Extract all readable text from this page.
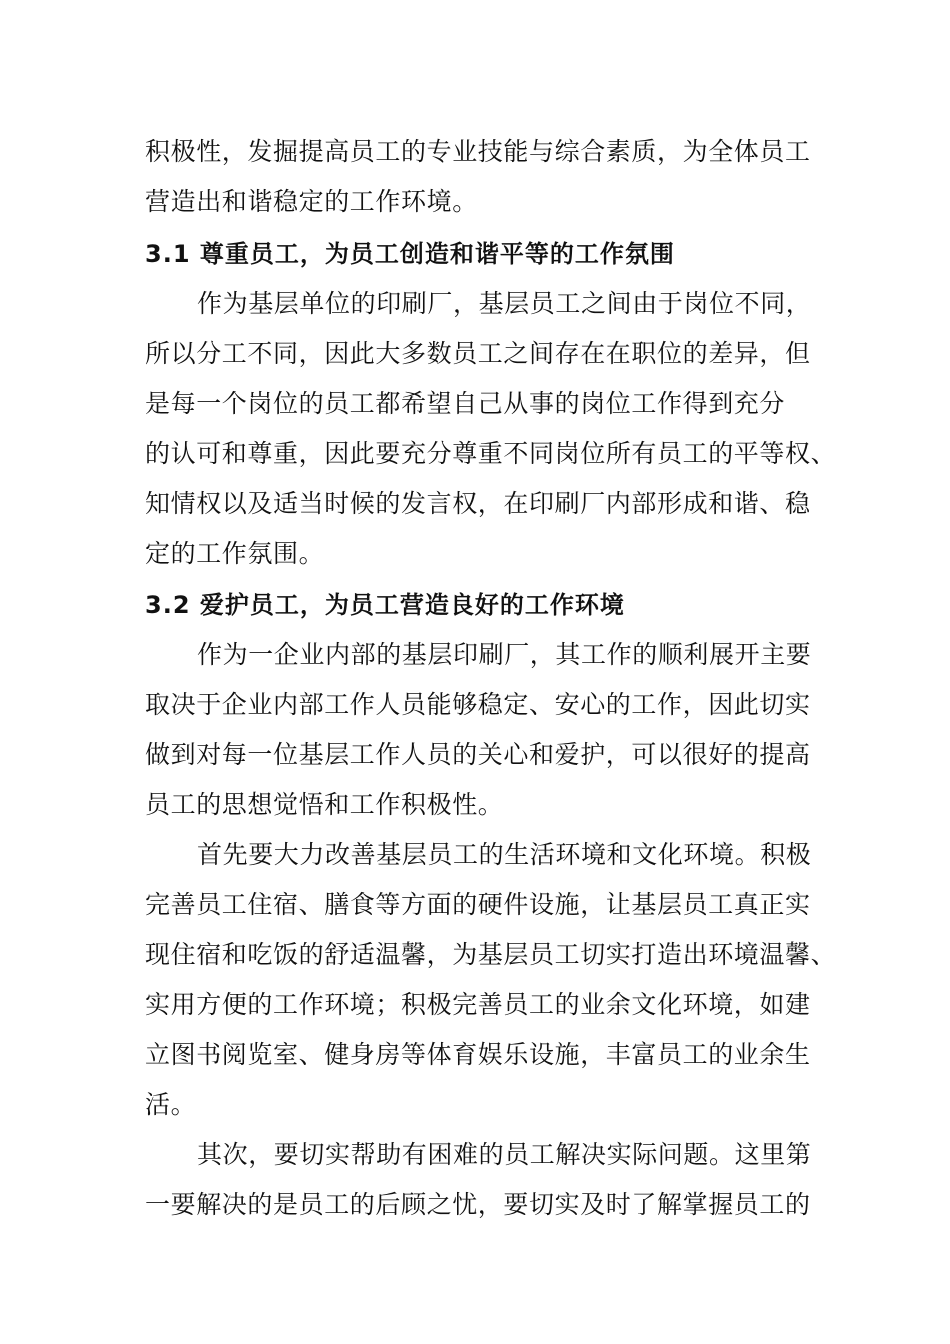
积极性，发掘提高员工的专业技能与综合素质，为全体员工
营造出和谐稳定的工作环境。
3.1 尊重员工，为员工创造和谐平等的工作氛围
作为基层单位的印刷厂，基层员工之间由于岗位不同，
所以分工不同，因此大多数员工之间存在在职位的差异，但
是每一个岗位的员工都希望自己从事的岗位工作得到充分
的认可和尊重，因此要充分尊重不同岗位所有员工的平等权、
知情权以及适当时候的发言权，在印刷厂内部形成和谐、稳
定的工作氛围。
3.2 爱护员工，为员工营造良好的工作环境
作为一企业内部的基层印刷厂，其工作的顺利展开主要
取决于企业内部工作人员能够稳定、安心的工作，因此切实
做到对每一位基层工作人员的关心和爱护，可以很好的提高
员工的思想觉悟和工作积极性。
首先要大力改善基层员工的生活环境和文化环境。积极
完善员工住宿、膳食等方面的硬件设施，让基层员工真正实
现住宿和吃饭的舒适温馨，为基层员工切实打造出环境温馨、
实用方便的工作环境；积极完善员工的业余文化环境，如建
立图书阅览室、健身房等体育娱乐设施，丰富员工的业余生
活。
其次，要切实帮助有困难的员工解决实际问题。这里第
一要解决的是员工的后顾之忧，要切实及时了解掌握员工的
